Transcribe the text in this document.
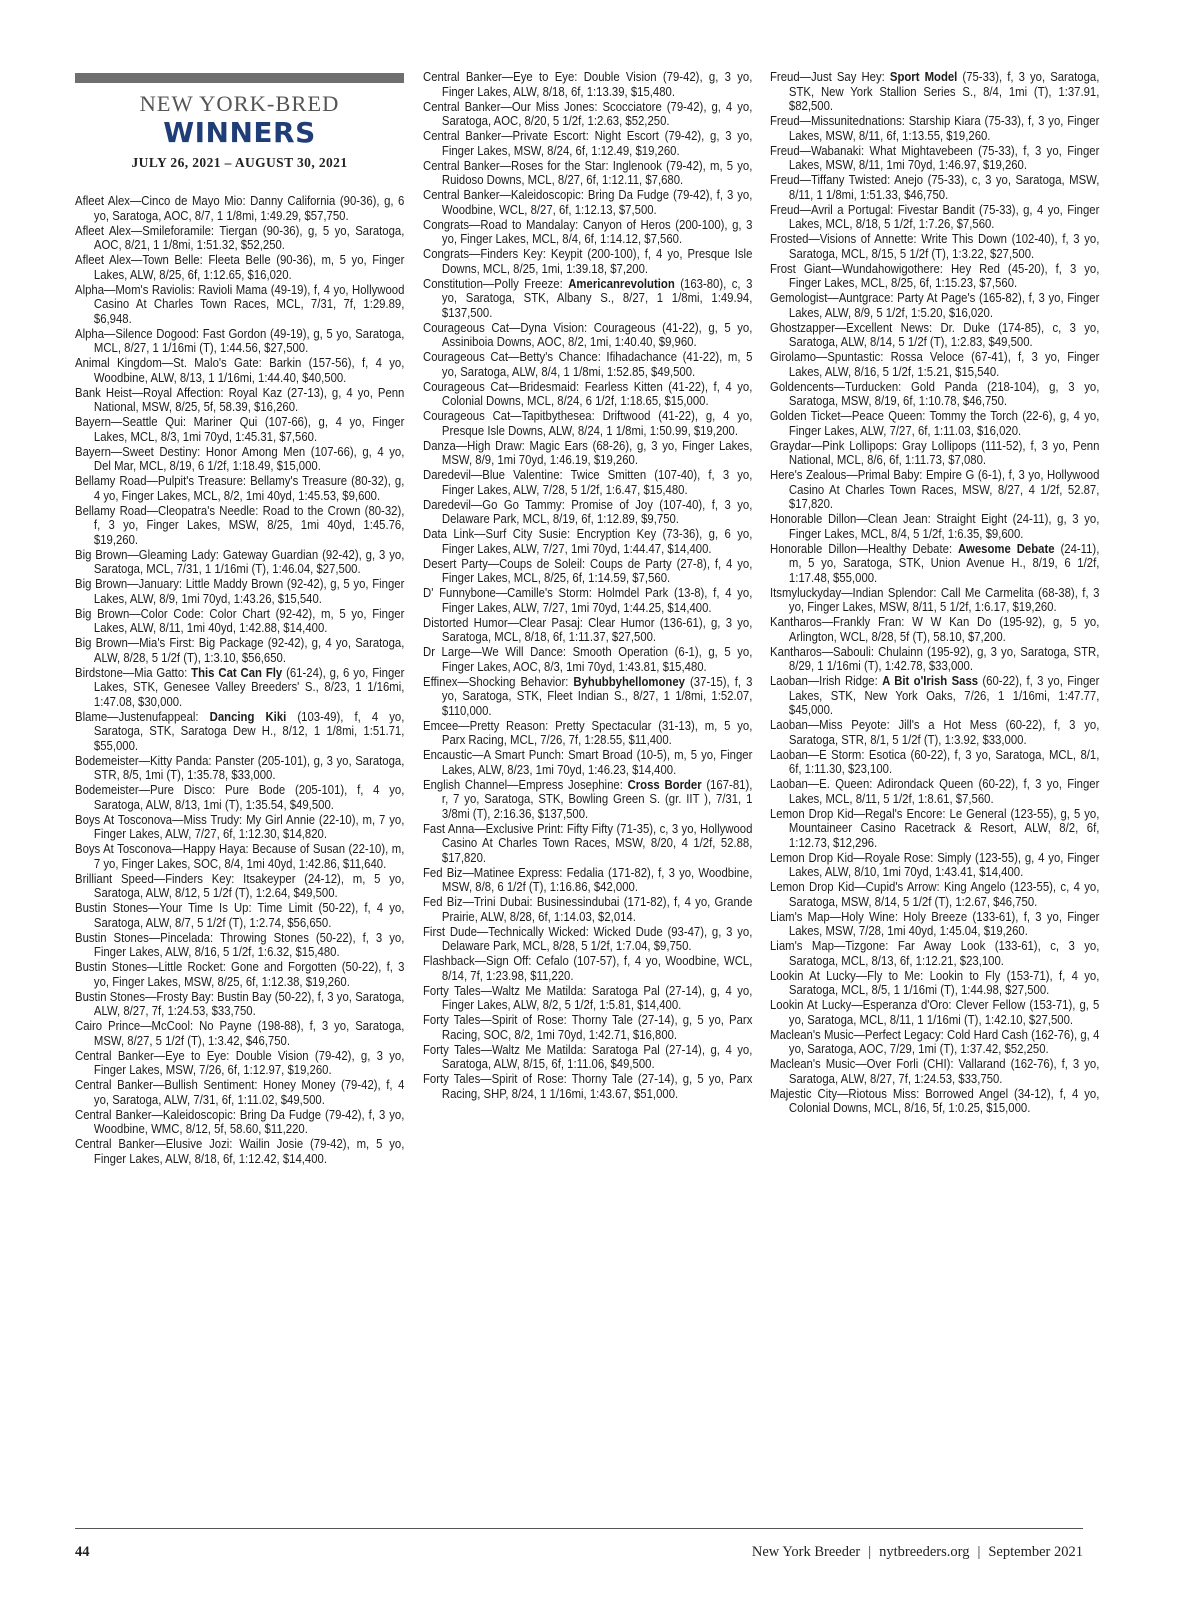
NEW YORK-BRED
WINNERS
JULY 26, 2021 – AUGUST 30, 2021
Afleet Alex—Cinco de Mayo Mio: Danny California (90-36), g, 6 yo, Saratoga, AOC, 8/7, 1 1/8mi, 1:49.29, $57,750.
Afleet Alex—Smileforamile: Tiergan (90-36), g, 5 yo, Saratoga, AOC, 8/21, 1 1/8mi, 1:51.32, $52,250.
Afleet Alex—Town Belle: Fleeta Belle (90-36), m, 5 yo, Finger Lakes, ALW, 8/25, 6f, 1:12.65, $16,020.
Alpha—Mom's Raviolis: Ravioli Mama (49-19), f, 4 yo, Hollywood Casino At Charles Town Races, MCL, 7/31, 7f, 1:29.89, $6,948.
Alpha—Silence Dogood: Fast Gordon (49-19), g, 5 yo, Saratoga, MCL, 8/27, 1 1/16mi (T), 1:44.56, $27,500.
Animal Kingdom—St. Malo's Gate: Barkin (157-56), f, 4 yo, Woodbine, ALW, 8/13, 1 1/16mi, 1:44.40, $40,500.
Bank Heist—Royal Affection: Royal Kaz (27-13), g, 4 yo, Penn National, MSW, 8/25, 5f, 58.39, $16,260.
Bayern—Seattle Qui: Mariner Qui (107-66), g, 4 yo, Finger Lakes, MCL, 8/3, 1mi 70yd, 1:45.31, $7,560.
Bayern—Sweet Destiny: Honor Among Men (107-66), g, 4 yo, Del Mar, MCL, 8/19, 6 1/2f, 1:18.49, $15,000.
Bellamy Road—Pulpit's Treasure: Bellamy's Treasure (80-32), g, 4 yo, Finger Lakes, MCL, 8/2, 1mi 40yd, 1:45.53, $9,600.
Bellamy Road—Cleopatra's Needle: Road to the Crown (80-32), f, 3 yo, Finger Lakes, MSW, 8/25, 1mi 40yd, 1:45.76, $19,260.
Big Brown—Gleaming Lady: Gateway Guardian (92-42), g, 3 yo, Saratoga, MCL, 7/31, 1 1/16mi (T), 1:46.04, $27,500.
Big Brown—January: Little Maddy Brown (92-42), g, 5 yo, Finger Lakes, ALW, 8/9, 1mi 70yd, 1:43.26, $15,540.
Big Brown—Color Code: Color Chart (92-42), m, 5 yo, Finger Lakes, ALW, 8/11, 1mi 40yd, 1:42.88, $14,400.
Big Brown—Mia's First: Big Package (92-42), g, 4 yo, Saratoga, ALW, 8/28, 5 1/2f (T), 1:3.10, $56,650.
Birdstone—Mia Gatto: This Cat Can Fly (61-24), g, 6 yo, Finger Lakes, STK, Genesee Valley Breeders' S., 8/23, 1 1/16mi, 1:47.08, $30,000.
Blame—Justenufappeal: Dancing Kiki (103-49), f, 4 yo, Saratoga, STK, Saratoga Dew H., 8/12, 1 1/8mi, 1:51.71, $55,000.
Bodemeister—Kitty Panda: Panster (205-101), g, 3 yo, Saratoga, STR, 8/5, 1mi (T), 1:35.78, $33,000.
Bodemeister—Pure Disco: Pure Bode (205-101), f, 4 yo, Saratoga, ALW, 8/13, 1mi (T), 1:35.54, $49,500.
Boys At Tosconova—Miss Trudy: My Girl Annie (22-10), m, 7 yo, Finger Lakes, ALW, 7/27, 6f, 1:12.30, $14,820.
Boys At Tosconova—Happy Haya: Because of Susan (22-10), m, 7 yo, Finger Lakes, SOC, 8/4, 1mi 40yd, 1:42.86, $11,640.
Brilliant Speed—Finders Key: Itsakeyper (24-12), m, 5 yo, Saratoga, ALW, 8/12, 5 1/2f (T), 1:2.64, $49,500.
Bustin Stones—Your Time Is Up: Time Limit (50-22), f, 4 yo, Saratoga, ALW, 8/7, 5 1/2f (T), 1:2.74, $56,650.
Bustin Stones—Pincelada: Throwing Stones (50-22), f, 3 yo, Finger Lakes, ALW, 8/16, 5 1/2f, 1:6.32, $15,480.
Bustin Stones—Little Rocket: Gone and Forgotten (50-22), f, 3 yo, Finger Lakes, MSW, 8/25, 6f, 1:12.38, $19,260.
Bustin Stones—Frosty Bay: Bustin Bay (50-22), f, 3 yo, Saratoga, ALW, 8/27, 7f, 1:24.53, $33,750.
Cairo Prince—McCool: No Payne (198-88), f, 3 yo, Saratoga, MSW, 8/27, 5 1/2f (T), 1:3.42, $46,750.
Central Banker—Eye to Eye: Double Vision (79-42), g, 3 yo, Finger Lakes, MSW, 7/26, 6f, 1:12.97, $19,260.
Central Banker—Bullish Sentiment: Honey Money (79-42), f, 4 yo, Saratoga, ALW, 7/31, 6f, 1:11.02, $49,500.
Central Banker—Kaleidoscopic: Bring Da Fudge (79-42), f, 3 yo, Woodbine, WMC, 8/12, 5f, 58.60, $11,220.
Central Banker—Elusive Jozi: Wailin Josie (79-42), m, 5 yo, Finger Lakes, ALW, 8/18, 6f, 1:12.42, $14,400.
Central Banker—Eye to Eye: Double Vision (79-42), g, 3 yo, Finger Lakes, ALW, 8/18, 6f, 1:13.39, $15,480.
Central Banker—Our Miss Jones: Scocciatore (79-42), g, 4 yo, Saratoga, AOC, 8/20, 5 1/2f, 1:2.63, $52,250.
Central Banker—Private Escort: Night Escort (79-42), g, 3 yo, Finger Lakes, MSW, 8/24, 6f, 1:12.49, $19,260.
Central Banker—Roses for the Star: Inglenook (79-42), m, 5 yo, Ruidoso Downs, MCL, 8/27, 6f, 1:12.11, $7,680.
Central Banker—Kaleidoscopic: Bring Da Fudge (79-42), f, 3 yo, Woodbine, WCL, 8/27, 6f, 1:12.13, $7,500.
Congrats—Road to Mandalay: Canyon of Heros (200-100), g, 3 yo, Finger Lakes, MCL, 8/4, 6f, 1:14.12, $7,560.
Congrats—Finders Key: Keypit (200-100), f, 4 yo, Presque Isle Downs, MCL, 8/25, 1mi, 1:39.18, $7,200.
Constitution—Polly Freeze: Americanrevolution (163-80), c, 3 yo, Saratoga, STK, Albany S., 8/27, 1 1/8mi, 1:49.94, $137,500.
Courageous Cat—Dyna Vision: Courageous (41-22), g, 5 yo, Assiniboia Downs, AOC, 8/2, 1mi, 1:40.40, $9,960.
Courageous Cat—Betty's Chance: Ifihadachance (41-22), m, 5 yo, Saratoga, ALW, 8/4, 1 1/8mi, 1:52.85, $49,500.
Courageous Cat—Bridesmaid: Fearless Kitten (41-22), f, 4 yo, Colonial Downs, MCL, 8/24, 6 1/2f, 1:18.65, $15,000.
Courageous Cat—Tapitbythesea: Driftwood (41-22), g, 4 yo, Presque Isle Downs, ALW, 8/24, 1 1/8mi, 1:50.99, $19,200.
Danza—High Draw: Magic Ears (68-26), g, 3 yo, Finger Lakes, MSW, 8/9, 1mi 70yd, 1:46.19, $19,260.
Daredevil—Blue Valentine: Twice Smitten (107-40), f, 3 yo, Finger Lakes, ALW, 7/28, 5 1/2f, 1:6.47, $15,480.
Daredevil—Go Go Tammy: Promise of Joy (107-40), f, 3 yo, Delaware Park, MCL, 8/19, 6f, 1:12.89, $9,750.
Data Link—Surf City Susie: Encryption Key (73-36), g, 6 yo, Finger Lakes, ALW, 7/27, 1mi 70yd, 1:44.47, $14,400.
Desert Party—Coups de Soleil: Coups de Party (27-8), f, 4 yo, Finger Lakes, MCL, 8/25, 6f, 1:14.59, $7,560.
D' Funnybone—Camille's Storm: Holmdel Park (13-8), f, 4 yo, Finger Lakes, ALW, 7/27, 1mi 70yd, 1:44.25, $14,400.
Distorted Humor—Clear Pasaj: Clear Humor (136-61), g, 3 yo, Saratoga, MCL, 8/18, 6f, 1:11.37, $27,500.
Dr Large—We Will Dance: Smooth Operation (6-1), g, 5 yo, Finger Lakes, AOC, 8/3, 1mi 70yd, 1:43.81, $15,480.
Effinex—Shocking Behavior: Byhubbyhellomoney (37-15), f, 3 yo, Saratoga, STK, Fleet Indian S., 8/27, 1 1/8mi, 1:52.07, $110,000.
Emcee—Pretty Reason: Pretty Spectacular (31-13), m, 5 yo, Parx Racing, MCL, 7/26, 7f, 1:28.55, $11,400.
Encaustic—A Smart Punch: Smart Broad (10-5), m, 5 yo, Finger Lakes, ALW, 8/23, 1mi 70yd, 1:46.23, $14,400.
English Channel—Empress Josephine: Cross Border (167-81), r, 7 yo, Saratoga, STK, Bowling Green S. (gr. IIT ), 7/31, 1 3/8mi (T), 2:16.36, $137,500.
Fast Anna—Exclusive Print: Fifty Fifty (71-35), c, 3 yo, Hollywood Casino At Charles Town Races, MSW, 8/20, 4 1/2f, 52.88, $17,820.
Fed Biz—Matinee Express: Fedalia (171-82), f, 3 yo, Woodbine, MSW, 8/8, 6 1/2f (T), 1:16.86, $42,000.
Fed Biz—Trini Dubai: Businessindubai (171-82), f, 4 yo, Grande Prairie, ALW, 8/28, 6f, 1:14.03, $2,014.
First Dude—Technically Wicked: Wicked Dude (93-47), g, 3 yo, Delaware Park, MCL, 8/28, 5 1/2f, 1:7.04, $9,750.
Flashback—Sign Off: Cefalo (107-57), f, 4 yo, Woodbine, WCL, 8/14, 7f, 1:23.98, $11,220.
Forty Tales—Waltz Me Matilda: Saratoga Pal (27-14), g, 4 yo, Finger Lakes, ALW, 8/2, 5 1/2f, 1:5.81, $14,400.
Forty Tales—Spirit of Rose: Thorny Tale (27-14), g, 5 yo, Parx Racing, SOC, 8/2, 1mi 70yd, 1:42.71, $16,800.
Forty Tales—Waltz Me Matilda: Saratoga Pal (27-14), g, 4 yo, Saratoga, ALW, 8/15, 6f, 1:11.06, $49,500.
Forty Tales—Spirit of Rose: Thorny Tale (27-14), g, 5 yo, Parx Racing, SHP, 8/24, 1 1/16mi, 1:43.67, $51,000.
Freud—Just Say Hey: Sport Model (75-33), f, 3 yo, Saratoga, STK, New York Stallion Series S., 8/4, 1mi (T), 1:37.91, $82,500.
Freud—Missunitednations: Starship Kiara (75-33), f, 3 yo, Finger Lakes, MSW, 8/11, 6f, 1:13.55, $19,260.
Freud—Wabanaki: What Mightavebeen (75-33), f, 3 yo, Finger Lakes, MSW, 8/11, 1mi 70yd, 1:46.97, $19,260.
Freud—Tiffany Twisted: Anejo (75-33), c, 3 yo, Saratoga, MSW, 8/11, 1 1/8mi, 1:51.33, $46,750.
Freud—Avril a Portugal: Fivestar Bandit (75-33), g, 4 yo, Finger Lakes, MCL, 8/18, 5 1/2f, 1:7.26, $7,560.
Frosted—Visions of Annette: Write This Down (102-40), f, 3 yo, Saratoga, MCL, 8/15, 5 1/2f (T), 1:3.22, $27,500.
Frost Giant—Wundahowigothere: Hey Red (45-20), f, 3 yo, Finger Lakes, MCL, 8/25, 6f, 1:15.23, $7,560.
Gemologist—Auntgrace: Party At Page's (165-82), f, 3 yo, Finger Lakes, ALW, 8/9, 5 1/2f, 1:5.20, $16,020.
Ghostzapper—Excellent News: Dr. Duke (174-85), c, 3 yo, Saratoga, ALW, 8/14, 5 1/2f (T), 1:2.83, $49,500.
Girolamo—Spuntastic: Rossa Veloce (67-41), f, 3 yo, Finger Lakes, ALW, 8/16, 5 1/2f, 1:5.21, $15,540.
Goldencents—Turducken: Gold Panda (218-104), g, 3 yo, Saratoga, MSW, 8/19, 6f, 1:10.78, $46,750.
Golden Ticket—Peace Queen: Tommy the Torch (22-6), g, 4 yo, Finger Lakes, ALW, 7/27, 6f, 1:11.03, $16,020.
Graydar—Pink Lollipops: Gray Lollipops (111-52), f, 3 yo, Penn National, MCL, 8/6, 6f, 1:11.73, $7,080.
Here's Zealous—Primal Baby: Empire G (6-1), f, 3 yo, Hollywood Casino At Charles Town Races, MSW, 8/27, 4 1/2f, 52.87, $17,820.
Honorable Dillon—Clean Jean: Straight Eight (24-11), g, 3 yo, Finger Lakes, MCL, 8/4, 5 1/2f, 1:6.35, $9,600.
Honorable Dillon—Healthy Debate: Awesome Debate (24-11), m, 5 yo, Saratoga, STK, Union Avenue H., 8/19, 6 1/2f, 1:17.48, $55,000.
Itsmyluckyday—Indian Splendor: Call Me Carmelita (68-38), f, 3 yo, Finger Lakes, MSW, 8/11, 5 1/2f, 1:6.17, $19,260.
Kantharos—Frankly Fran: W W Kan Do (195-92), g, 5 yo, Arlington, WCL, 8/28, 5f (T), 58.10, $7,200.
Kantharos—Sabouli: Chulainn (195-92), g, 3 yo, Saratoga, STR, 8/29, 1 1/16mi (T), 1:42.78, $33,000.
Laoban—Irish Ridge: A Bit o'Irish Sass (60-22), f, 3 yo, Finger Lakes, STK, New York Oaks, 7/26, 1 1/16mi, 1:47.77, $45,000.
Laoban—Miss Peyote: Jill's a Hot Mess (60-22), f, 3 yo, Saratoga, STR, 8/1, 5 1/2f (T), 1:3.92, $33,000.
Laoban—E Storm: Esotica (60-22), f, 3 yo, Saratoga, MCL, 8/1, 6f, 1:11.30, $23,100.
Laoban—E. Queen: Adirondack Queen (60-22), f, 3 yo, Finger Lakes, MCL, 8/11, 5 1/2f, 1:8.61, $7,560.
Lemon Drop Kid—Regal's Encore: Le General (123-55), g, 5 yo, Mountaineer Casino Racetrack & Resort, ALW, 8/2, 6f, 1:12.73, $12,296.
Lemon Drop Kid—Royale Rose: Simply (123-55), g, 4 yo, Finger Lakes, ALW, 8/10, 1mi 70yd, 1:43.41, $14,400.
Lemon Drop Kid—Cupid's Arrow: King Angelo (123-55), c, 4 yo, Saratoga, MSW, 8/14, 5 1/2f (T), 1:2.67, $46,750.
Liam's Map—Holy Wine: Holy Breeze (133-61), f, 3 yo, Finger Lakes, MSW, 7/28, 1mi 40yd, 1:45.04, $19,260.
Liam's Map—Tizgone: Far Away Look (133-61), c, 3 yo, Saratoga, MCL, 8/13, 6f, 1:12.21, $23,100.
Lookin At Lucky—Fly to Me: Lookin to Fly (153-71), f, 4 yo, Saratoga, MCL, 8/5, 1 1/16mi (T), 1:44.98, $27,500.
Lookin At Lucky—Esperanza d'Oro: Clever Fellow (153-71), g, 5 yo, Saratoga, MCL, 8/11, 1 1/16mi (T), 1:42.10, $27,500.
Maclean's Music—Perfect Legacy: Cold Hard Cash (162-76), g, 4 yo, Saratoga, AOC, 7/29, 1mi (T), 1:37.42, $52,250.
Maclean's Music—Over Forli (CHI): Vallarand (162-76), f, 3 yo, Saratoga, ALW, 8/27, 7f, 1:24.53, $33,750.
Majestic City—Riotous Miss: Borrowed Angel (34-12), f, 4 yo, Colonial Downs, MCL, 8/16, 5f, 1:0.25, $15,000.
44	New York Breeder | nytbreeders.org | September 2021
